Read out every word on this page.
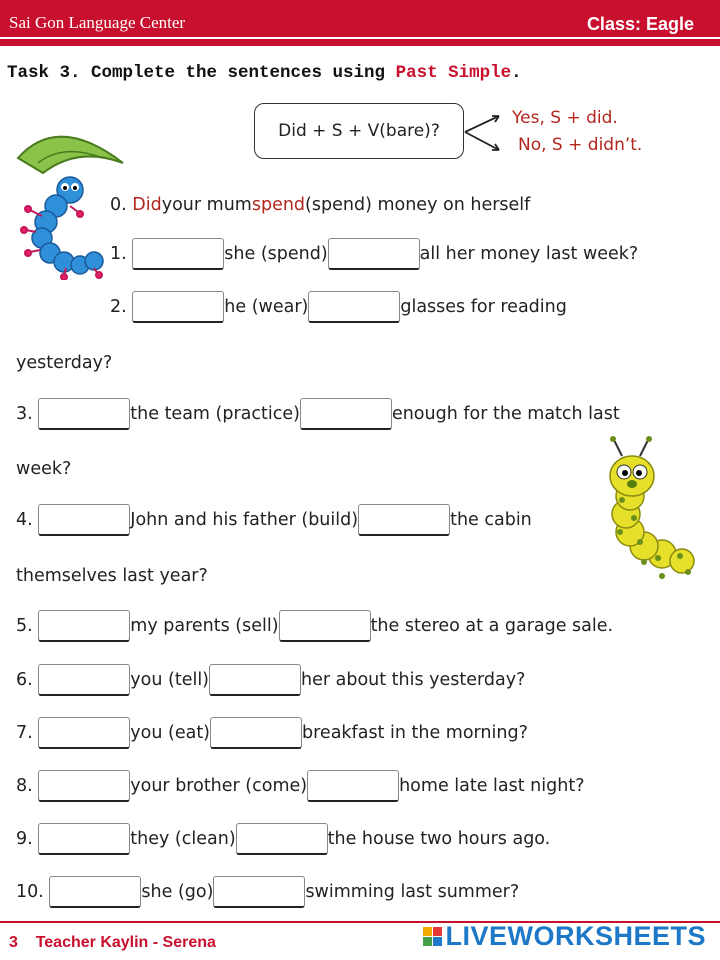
Sai Gon Language Center	Class: Eagle
Task 3. Complete the sentences using Past Simple.
Did + S + V(bare)?
Yes, S + did.
No, S + didn’t.
0.
Did your mum spend (spend) money on herself
1.
	she (spend)	all her money last week?
2.
	he (wear)	glasses for reading
yesterday?
3.
	the team (practice)	enough for the match last
week?
4.
	John and his father (build)	the cabin
themselves last year?
5.
	my parents (sell)	the stereo at a garage sale.
6.
	you (tell)	her about this yesterday?
7.
	you (eat)	breakfast in the morning?
8.
	your brother (come)	home late last night?
9.
	they (clean)	the house two hours ago.
10.
	she (go)	swimming last summer?
3 Teacher Kaylin - Serena	LIVEWORKSHEETS
